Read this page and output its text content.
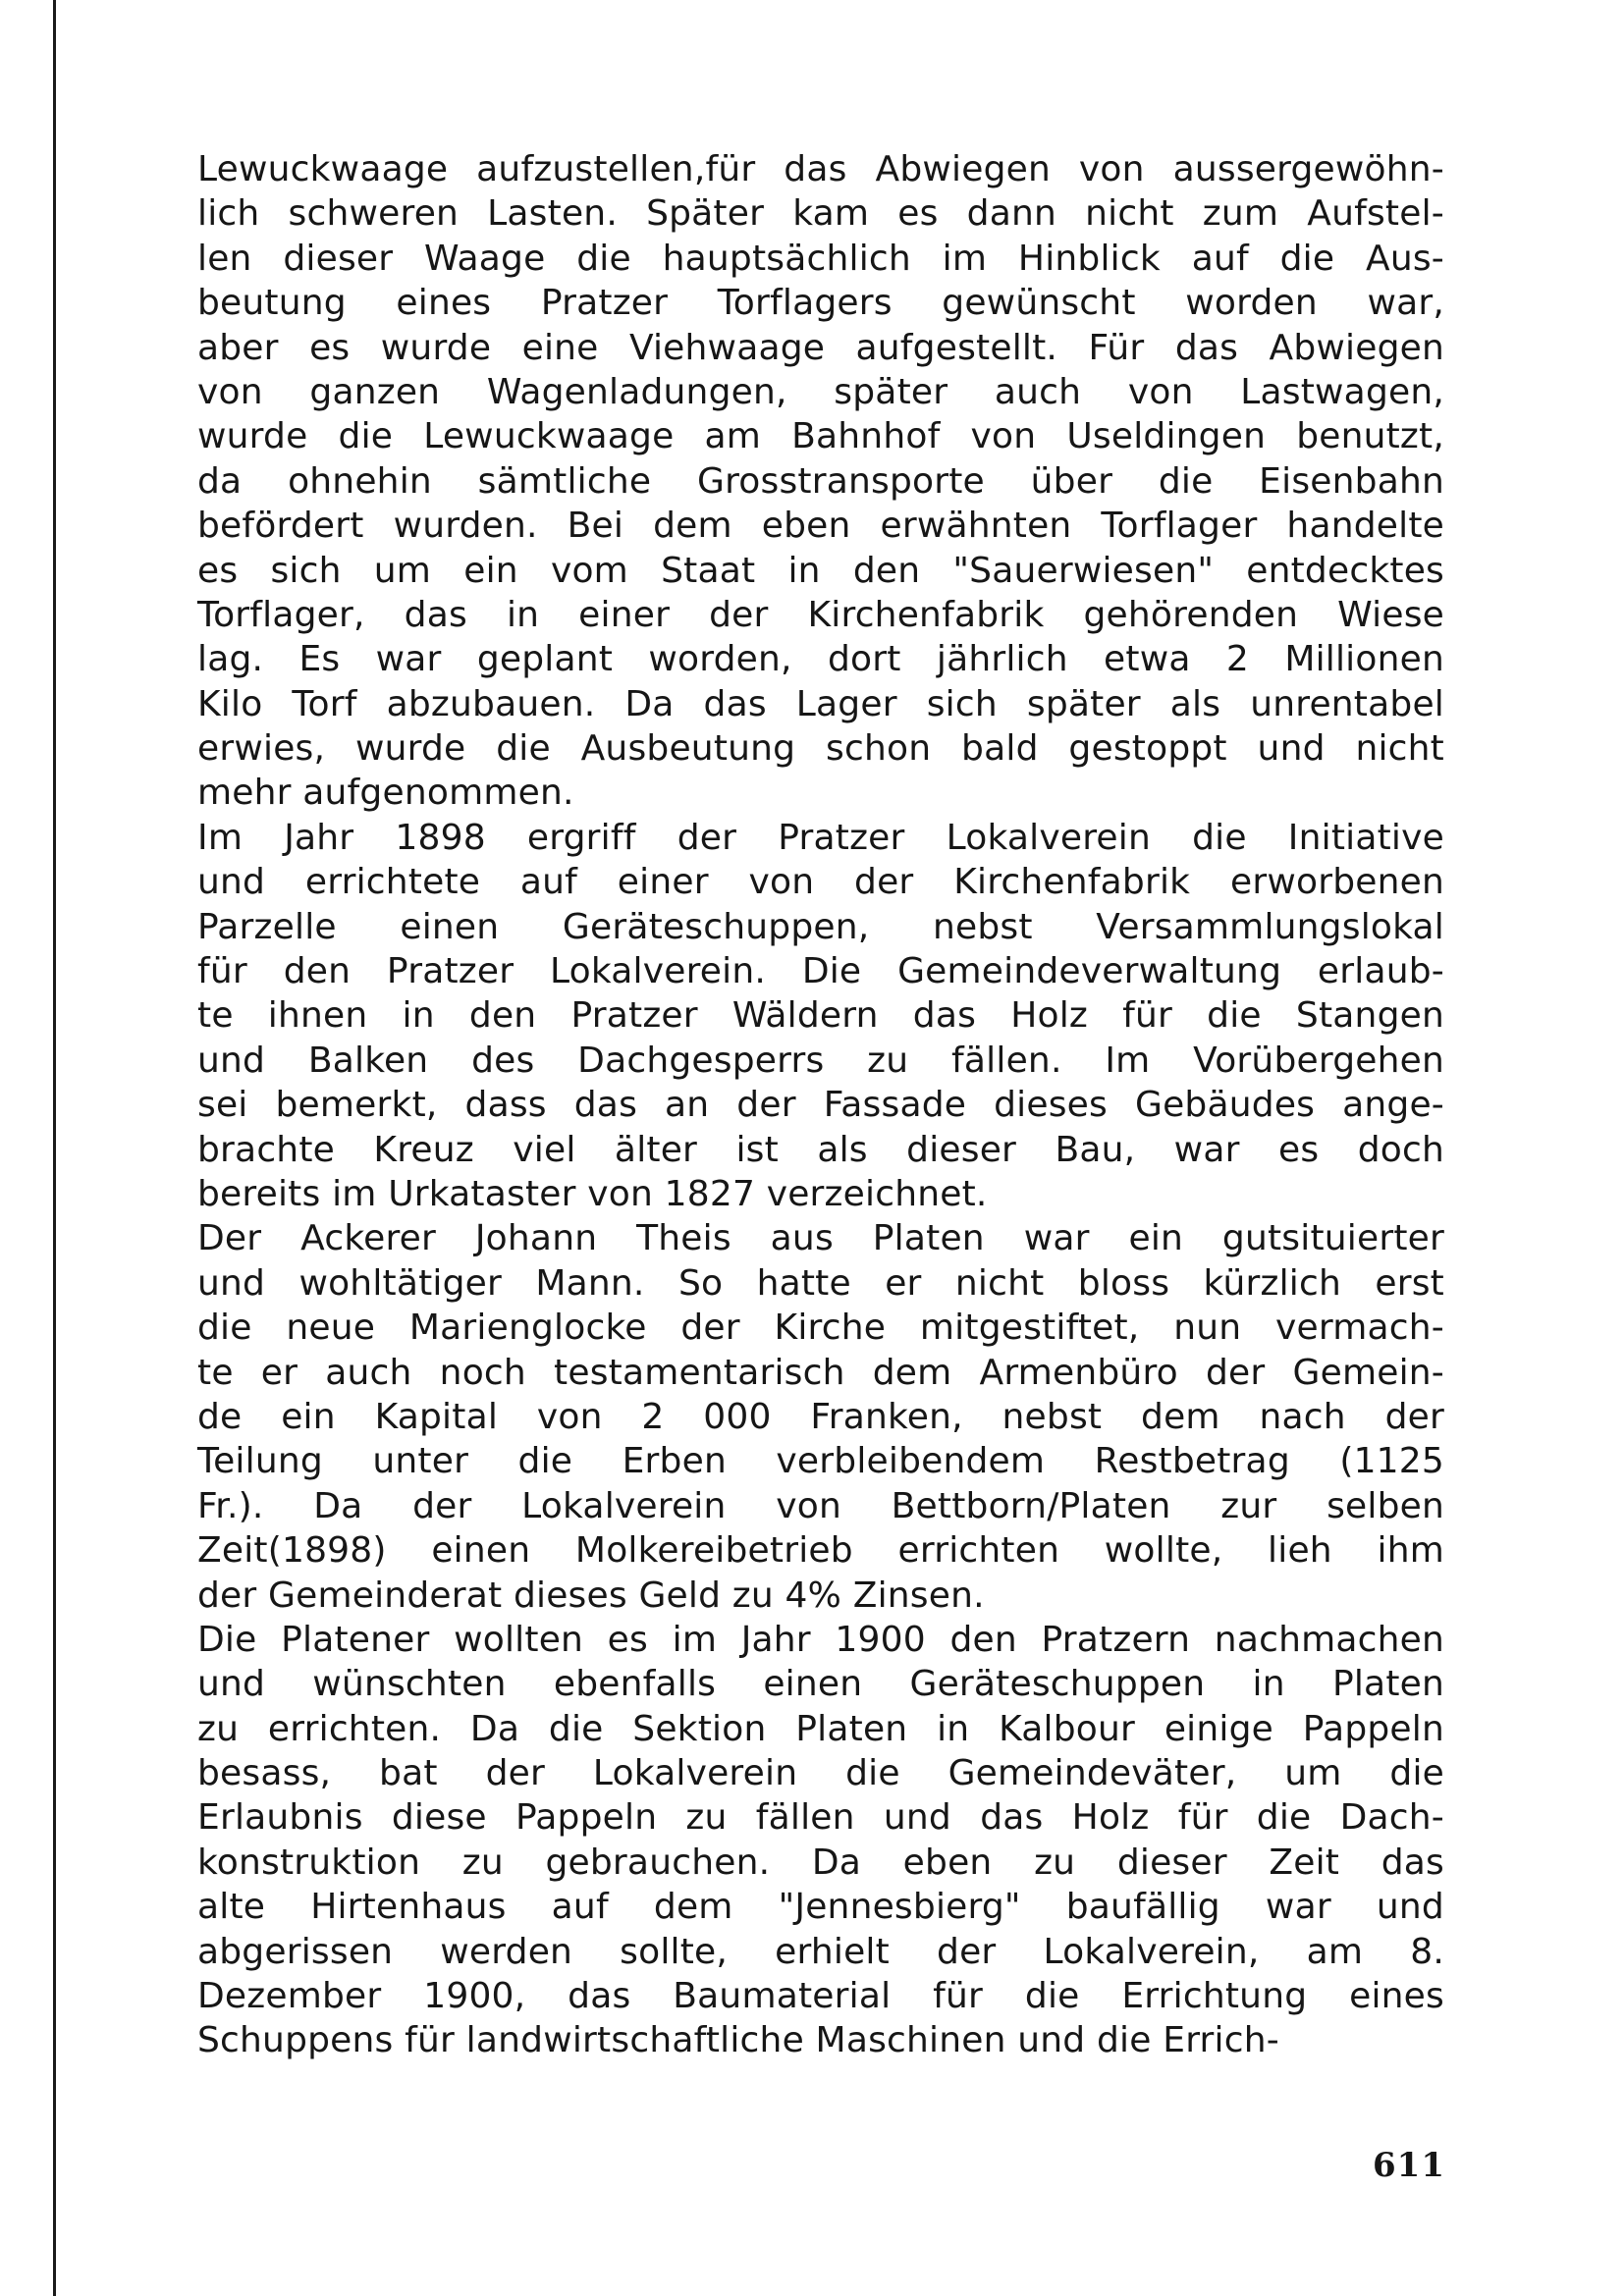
Lewuckwaage aufzustellen,für das Abwiegen von aussergewöhn-
lich schweren Lasten. Später kam es dann nicht zum Aufstel-
len dieser Waage die hauptsächlich im Hinblick auf die Aus-
beutung eines Pratzer Torflagers gewünscht worden war,
aber es wurde eine Viehwaage aufgestellt. Für das Abwiegen
von ganzen Wagenladungen, später auch von Lastwagen,
wurde die Lewuckwaage am Bahnhof von Useldingen benutzt,
da ohnehin sämtliche Grosstransporte über die Eisenbahn
befördert wurden. Bei dem eben erwähnten Torflager handelte
es sich um ein vom Staat in den "Sauerwiesen" entdecktes
Torflager, das in einer der Kirchenfabrik gehörenden Wiese
lag. Es war geplant worden, dort jährlich etwa 2 Millionen
Kilo Torf abzubauen. Da das Lager sich später als unrentabel
erwies, wurde die Ausbeutung schon bald gestoppt und nicht
mehr aufgenommen.
Im Jahr 1898 ergriff der Pratzer Lokalverein die Initiative
und errichtete auf einer von der Kirchenfabrik erworbenen
Parzelle einen Geräteschuppen, nebst Versammlungslokal
für den Pratzer Lokalverein. Die Gemeindeverwaltung erlaub-
te ihnen in den Pratzer Wäldern das Holz für die Stangen
und Balken des Dachgesperrs zu fällen. Im Vorübergehen
sei bemerkt, dass das an der Fassade dieses Gebäudes ange-
brachte Kreuz viel älter ist als dieser Bau, war es doch
bereits im Urkataster von 1827 verzeichnet.
Der Ackerer Johann Theis aus Platen war ein gutsituierter
und wohltätiger Mann. So hatte er nicht bloss kürzlich erst
die neue Marienglocke der Kirche mitgestiftet, nun vermach-
te er auch noch testamentarisch dem Armenbüro der Gemein-
de ein Kapital von 2 000 Franken, nebst dem nach der
Teilung unter die Erben verbleibendem Restbetrag (1125
Fr.). Da der Lokalverein von Bettborn/Platen zur selben
Zeit(1898) einen Molkereibetrieb errichten wollte, lieh ihm
der Gemeinderat dieses Geld zu 4% Zinsen.
Die Platener wollten es im Jahr 1900 den Pratzern nachmachen
und wünschten ebenfalls einen Geräteschuppen in Platen
zu errichten. Da die Sektion Platen in Kalbour einige Pappeln
besass, bat der Lokalverein die Gemeindeväter, um die
Erlaubnis diese Pappeln zu fällen und das Holz für die Dach-
konstruktion zu gebrauchen. Da eben zu dieser Zeit das
alte Hirtenhaus auf dem "Jennesbierg" baufällig war und
abgerissen werden sollte, erhielt der Lokalverein, am 8.
Dezember 1900, das Baumaterial für die Errichtung eines
Schuppens für landwirtschaftliche Maschinen und die Errich-
611
